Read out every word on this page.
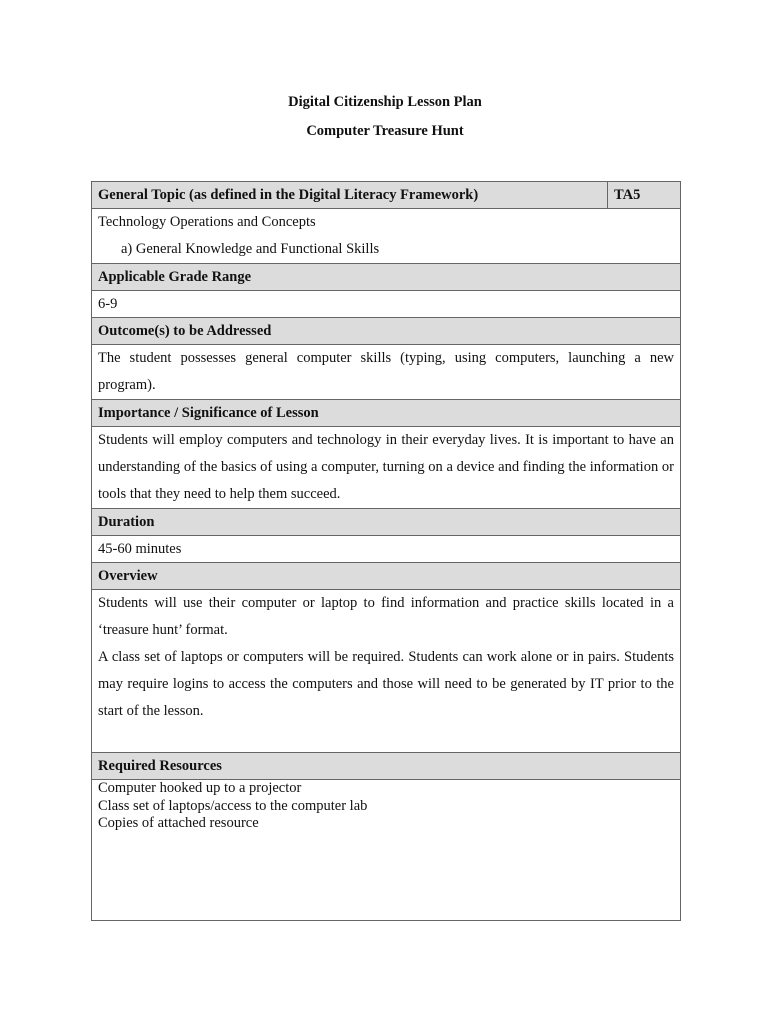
Digital Citizenship Lesson Plan
Computer Treasure Hunt
General Topic (as defined in the Digital Literacy Framework)	TA5

Technology Operations and Concepts
a) General Knowledge and Functional Skills

Applicable Grade Range
6-9
Outcome(s) to be Addressed
The student possesses general computer skills (typing, using computers, launching a new program).
Importance / Significance of Lesson
Students will employ computers and technology in their everyday lives. It is important to have an understanding of the basics of using a computer, turning on a device and finding the information or tools that they need to help them succeed.
Duration
45-60 minutes
Overview

Students will use their computer or laptop to find information and practice skills located in a ‘treasure hunt’ format.

A class set of laptops or computers will be required. Students can work alone or in pairs. Students may require logins to access the computers and those will need to be generated by IT prior to the start of the lesson.

Required Resources

Computer hooked up to a projector
Class set of laptops/access to the computer lab
Copies of attached resource
